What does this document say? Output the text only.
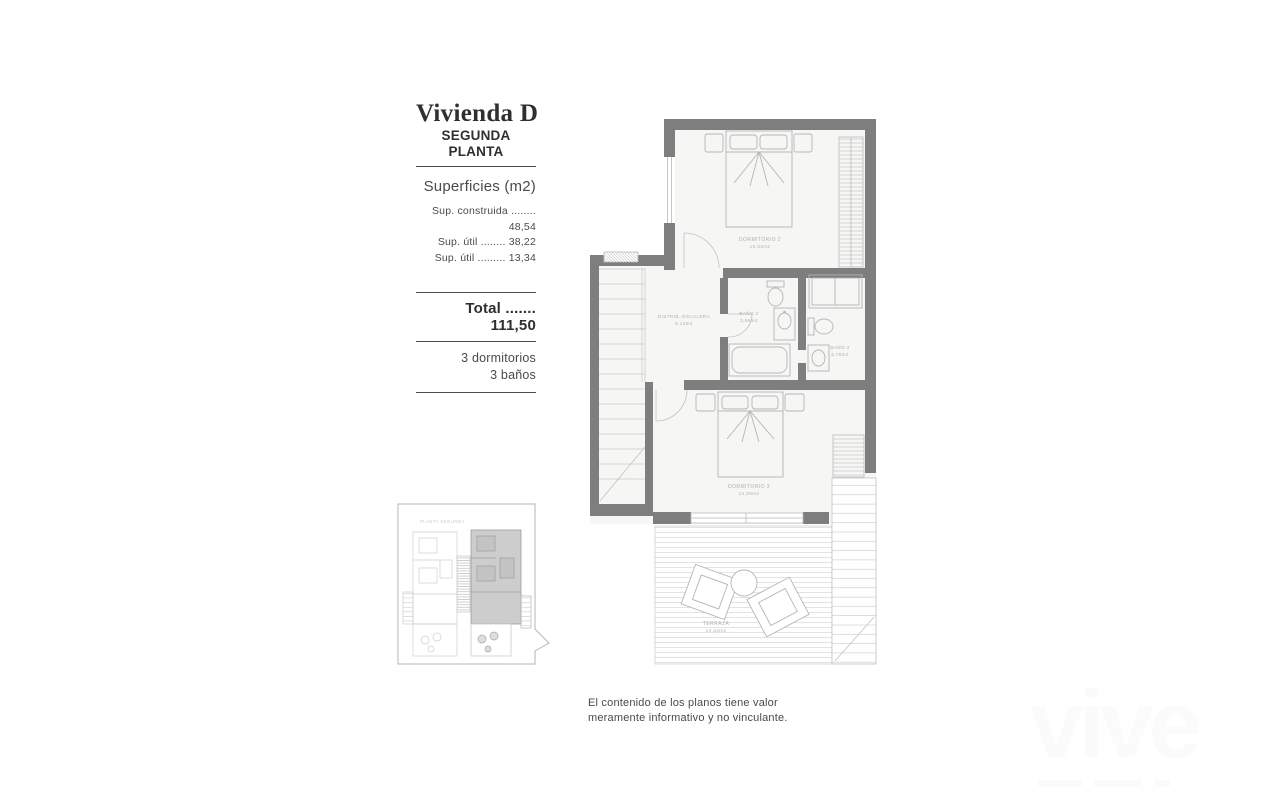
Vivienda D
SEGUNDA PLANTA
Superficies (m2)
Sup. construida ........ 48,54
Sup. útil ........ 38,22
Sup. útil ......... 13,34
Total ....... 111,50
3 dormitorios
3 baños
DORMITORIO 2
15,84m2
DISTRIB.-ESCALERA
8,14m2
BAÑO 2
3,56m2
BAÑO 3
3,75m2
DORMITORIO 3
12,25m2
TERRAZA
13,34m2
PLANTA SEGUNDA
El contenido de los planos tiene valor
meramente informativo y no vinculante.	vive
